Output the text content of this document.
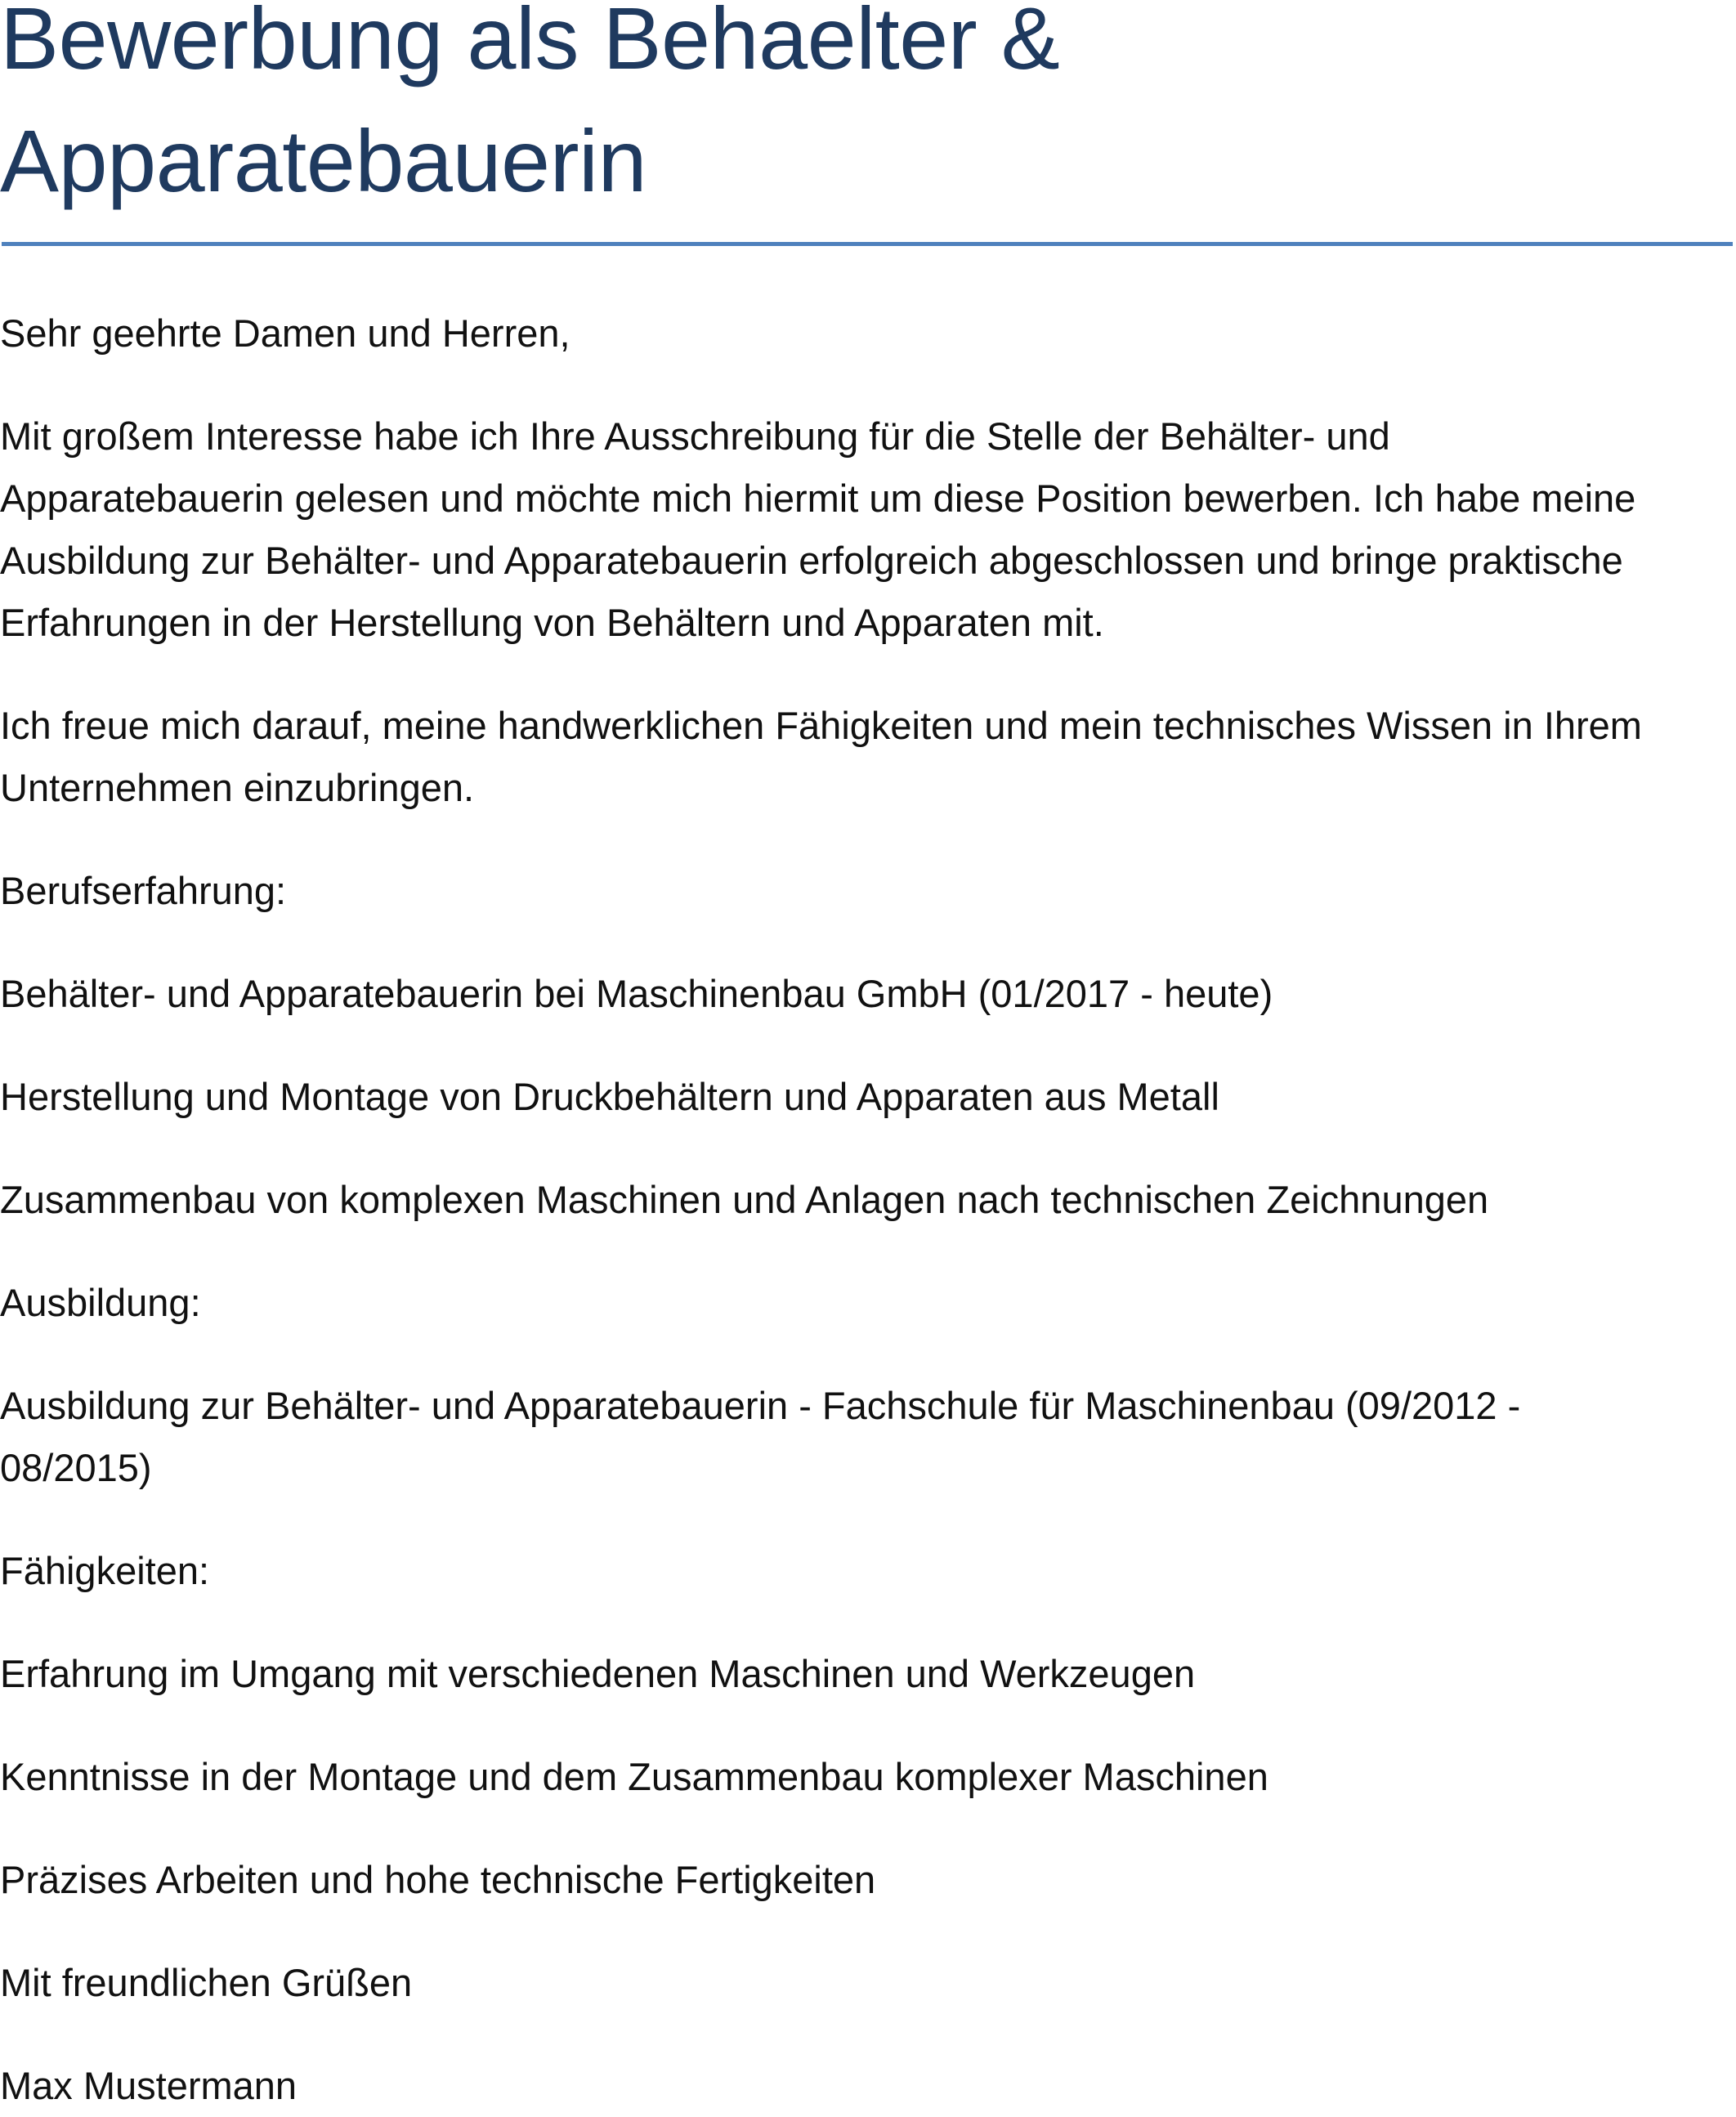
Bewerbung als Behaelter &
Apparatebauerin

Sehr geehrte Damen und Herren,

Mit großem Interesse habe ich Ihre Ausschreibung für die Stelle der Behälter- und
Apparatebauerin gelesen und möchte mich hiermit um diese Position bewerben. Ich habe meine
Ausbildung zur Behälter- und Apparatebauerin erfolgreich abgeschlossen und bringe praktische
Erfahrungen in der Herstellung von Behältern und Apparaten mit.

Ich freue mich darauf, meine handwerklichen Fähigkeiten und mein technisches Wissen in Ihrem
Unternehmen einzubringen.

Berufserfahrung:

Behälter- und Apparatebauerin bei Maschinenbau GmbH (01/2017 - heute)

Herstellung und Montage von Druckbehältern und Apparaten aus Metall

Zusammenbau von komplexen Maschinen und Anlagen nach technischen Zeichnungen

Ausbildung:

Ausbildung zur Behälter- und Apparatebauerin - Fachschule für Maschinenbau (09/2012 -
08/2015)

Fähigkeiten:

Erfahrung im Umgang mit verschiedenen Maschinen und Werkzeugen

Kenntnisse in der Montage und dem Zusammenbau komplexer Maschinen

Präzises Arbeiten und hohe technische Fertigkeiten

Mit freundlichen Grüßen

Max Mustermann
